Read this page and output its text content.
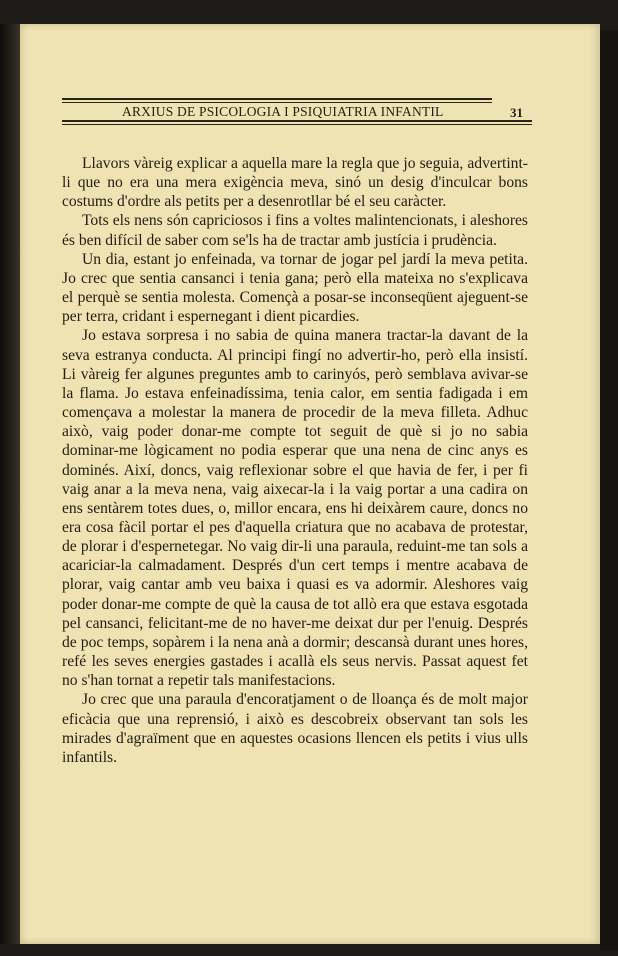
ARXIUS DE PSICOLOGIA I PSIQUIATRIA INFANTIL	31

Llavors vàreig explicar a aquella mare la regla que jo seguia, advertint-li que no era una mera exigència meva, sinó un desig d'inculcar bons costums d'ordre als petits per a desenrotllar bé el seu caràcter.

Tots els nens són capriciosos i fins a voltes malintencionats, i aleshores és ben difícil de saber com se'ls ha de tractar amb justícia i prudència.

Un dia, estant jo enfeinada, va tornar de jogar pel jardí la meva petita. Jo crec que sentia cansanci i tenia gana; però ella mateixa no s'explicava el perquè se sentia molesta. Començà a posar-se inconseqüent ajeguent-se per terra, cridant i espernegant i dient picardies.

Jo estava sorpresa i no sabia de quina manera tractar-la davant de la seva estranya conducta. Al principi fingí no advertir-ho, però ella insistí. Li vàreig fer algunes preguntes amb to carinyós, però semblava avivar-se la flama. Jo estava enfeinadíssima, tenia calor, em sentia fadigada i em començava a molestar la manera de procedir de la meva filleta. Adhuc això, vaig poder donar-me compte tot seguit de què si jo no sabia dominar-me lògicament no podia esperar que una nena de cinc anys es dominés. Així, doncs, vaig reflexionar sobre el que havia de fer, i per fi vaig anar a la meva nena, vaig aixecar-la i la vaig portar a una cadira on ens sentàrem totes dues, o, millor encara, ens hi deixàrem caure, doncs no era cosa fàcil portar el pes d'aquella criatura que no acabava de protestar, de plorar i d'espernetegar. No vaig dir-li una paraula, reduint-me tan sols a acariciar-la calmadament. Després d'un cert temps i mentre acabava de plorar, vaig cantar amb veu baixa i quasi es va adormir. Aleshores vaig poder donar-me compte de què la causa de tot allò era que estava esgotada pel cansanci, felicitant-me de no haver-me deixat dur per l'enuig. Després de poc temps, sopàrem i la nena anà a dormir; descansà durant unes hores, refé les seves energies gastades i acallà els seus nervis. Passat aquest fet no s'han tornat a repetir tals manifestacions.

Jo crec que una paraula d'encoratjament o de lloança és de molt major eficàcia que una reprensió, i això es descobreix observant tan sols les mirades d'agraïment que en aquestes ocasions llencen els petits i vius ulls infantils.
